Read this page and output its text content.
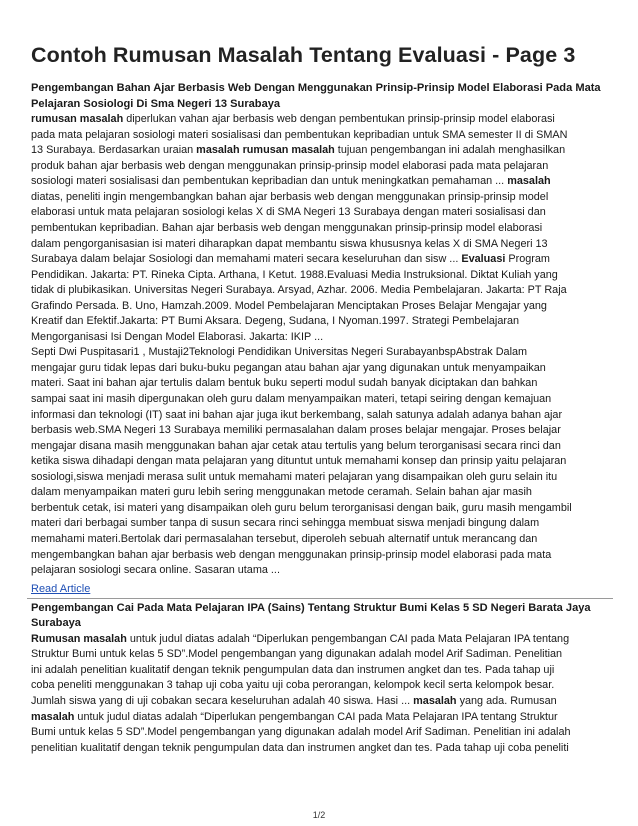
Contoh Rumusan Masalah Tentang Evaluasi - Page 3

Pengembangan Bahan Ajar Berbasis Web Dengan Menggunakan Prinsip-Prinsip Model Elaborasi Pada Mata Pelajaran Sosiologi Di Sma Negeri 13 Surabaya

rumusan masalah diperlukan vahan ajar berbasis web dengan pembentukan prinsip-prinsip model elaborasi
pada mata pelajaran sosiologi materi sosialisasi dan pembentukan kepribadian untuk SMA semester II di SMAN
13 Surabaya. Berdasarkan uraian masalah rumusan masalah tujuan pengembangan ini adalah menghasilkan
produk bahan ajar berbasis web dengan menggunakan prinsip-prinsip model elaborasi pada mata pelajaran
sosiologi materi sosialisasi dan pembentukan kepribadian dan untuk meningkatkan pemahaman ... masalah
diatas, peneliti ingin mengembangkan bahan ajar berbasis web dengan menggunakan prinsip-prinsip model
elaborasi untuk mata pelajaran sosiologi kelas X di SMA Negeri 13 Surabaya dengan materi sosialisasi dan
pembentukan kepribadian. Bahan ajar berbasis web dengan menggunakan prinsip-prinsip model elaborasi
dalam pengorganisasian isi materi diharapkan dapat membantu siswa khususnya kelas X di SMA Negeri 13
Surabaya dalam belajar Sosiologi dan memahami materi secara keseluruhan dan sisw ... Evaluasi Program
Pendidikan. Jakarta: PT. Rineka Cipta. Arthana, I Ketut. 1988.Evaluasi Media Instruksional. Diktat Kuliah yang
tidak di plubikasikan. Universitas Negeri Surabaya. Arsyad, Azhar. 2006. Media Pembelajaran. Jakarta: PT Raja
Grafindo Persada. B. Uno, Hamzah.2009. Model Pembelajaran Menciptakan Proses Belajar Mengajar yang
Kreatif dan Efektif.Jakarta: PT Bumi Aksara. Degeng, Sudana, I Nyoman.1997. Strategi Pembelajaran
Mengorganisasi Isi Dengan Model Elaborasi. Jakarta: IKIP ...
Septi Dwi Puspitasari1 , Mustaji2Teknologi Pendidikan Universitas Negeri SurabayanbspAbstrak Dalam
mengajar guru tidak lepas dari buku-buku pegangan atau bahan ajar yang digunakan untuk menyampaikan
materi. Saat ini bahan ajar tertulis dalam bentuk buku seperti modul sudah banyak diciptakan dan bahkan
sampai saat ini masih dipergunakan oleh guru dalam menyampaikan materi, tetapi seiring dengan kemajuan
informasi dan teknologi (IT) saat ini bahan ajar juga ikut berkembang, salah satunya adalah adanya bahan ajar
berbasis web.SMA Negeri 13 Surabaya memiliki permasalahan dalam proses belajar mengajar. Proses belajar
mengajar disana masih menggunakan bahan ajar cetak atau tertulis yang belum terorganisasi secara rinci dan
ketika siswa dihadapi dengan mata pelajaran yang dituntut untuk memahami konsep dan prinsip yaitu pelajaran
sosiologi,siswa menjadi merasa sulit untuk memahami materi pelajaran yang disampaikan oleh guru selain itu
dalam menyampaikan materi guru lebih sering menggunakan metode ceramah. Selain bahan ajar masih
berbentuk cetak, isi materi yang disampaikan oleh guru belum terorganisasi dengan baik, guru masih mengambil
materi dari berbagai sumber tanpa di susun secara rinci sehingga membuat siswa menjadi bingung dalam
memahami materi.Bertolak dari permasalahan tersebut, diperoleh sebuah alternatif untuk merancang dan
mengembangkan bahan ajar berbasis web dengan menggunakan prinsip-prinsip model elaborasi pada mata
pelajaran sosiologi secara online. Sasaran utama ...
Read Article

Pengembangan Cai Pada Mata Pelajaran IPA (Sains) Tentang Struktur Bumi Kelas 5 SD Negeri Barata Jaya Surabaya

Rumusan masalah untuk judul diatas adalah “Diperlukan pengembangan CAI pada Mata Pelajaran IPA tentang
Struktur Bumi untuk kelas 5 SD”.Model pengembangan yang digunakan adalah model Arif Sadiman. Penelitian
ini adalah penelitian kualitatif dengan teknik pengumpulan data dan instrumen angket dan tes. Pada tahap uji
coba peneliti menggunakan 3 tahap uji coba yaitu uji coba perorangan, kelompok kecil serta kelompok besar.
Jumlah siswa yang di uji cobakan secara keseluruhan adalah 40 siswa. Hasi ... masalah yang ada. Rumusan
masalah untuk judul diatas adalah “Diperlukan pengembangan CAI pada Mata Pelajaran IPA tentang Struktur
Bumi untuk kelas 5 SD”.Model pengembangan yang digunakan adalah model Arif Sadiman. Penelitian ini adalah
penelitian kualitatif dengan teknik pengumpulan data dan instrumen angket dan tes. Pada tahap uji coba peneliti
1/2
